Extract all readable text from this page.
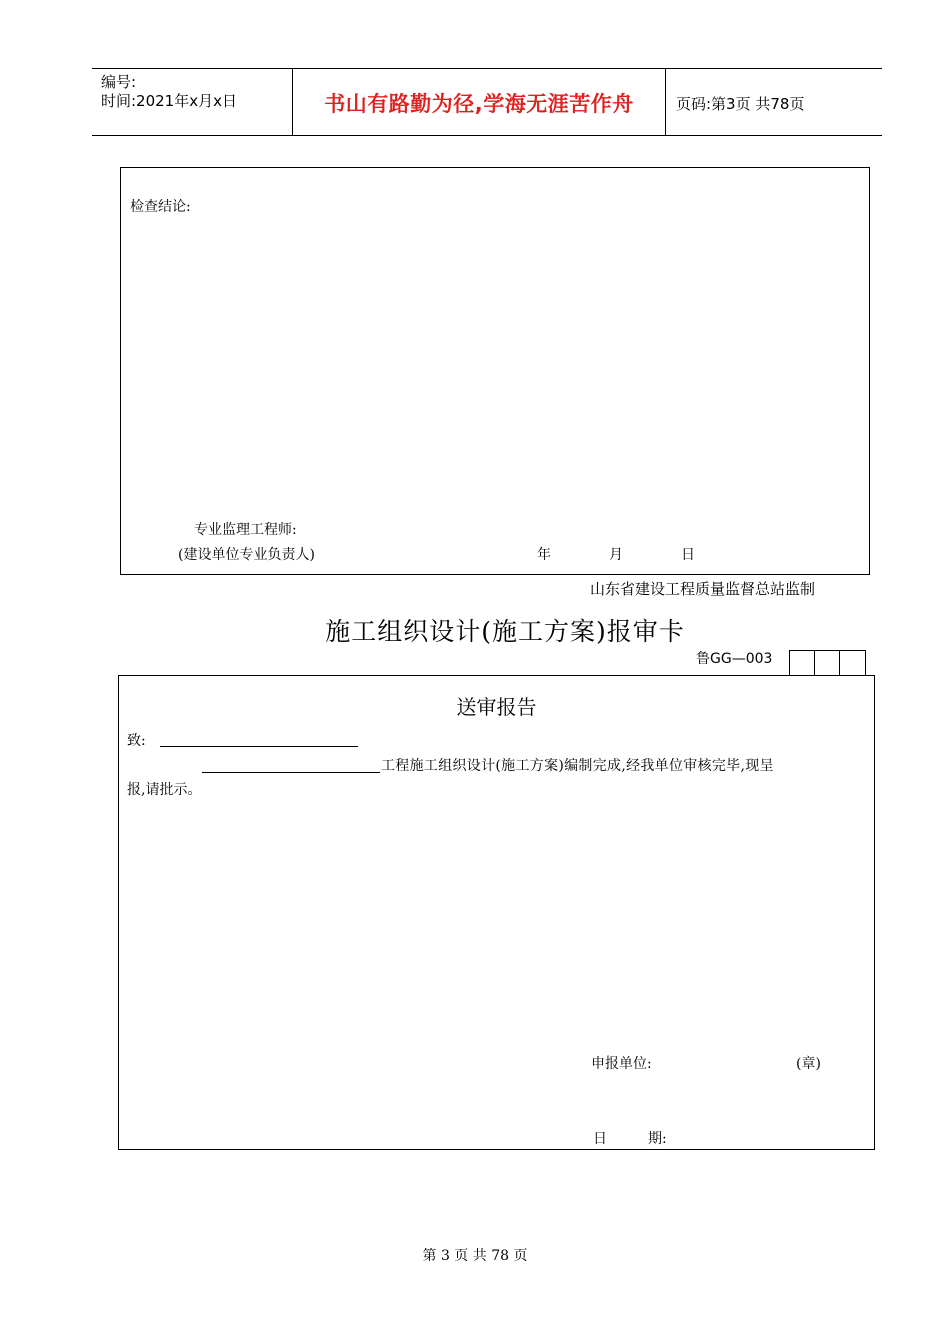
编号:
时间:2021年x月x日	书山有路勤为径,学海无涯苦作舟	页码:第3页 共78页
检查结论:
专业监理工程师:
(建设单位专业负责人)	年	月	日
山东省建设工程质量监督总站监制
施工组织设计(施工方案)报审卡
鲁GG—003
送审报告
致:
工程施工组织设计(施工方案)编制完成,经我单位审核完毕,现呈
报,请批示。
申报单位:	(章)
日	期:
第 3 页 共 78 页
